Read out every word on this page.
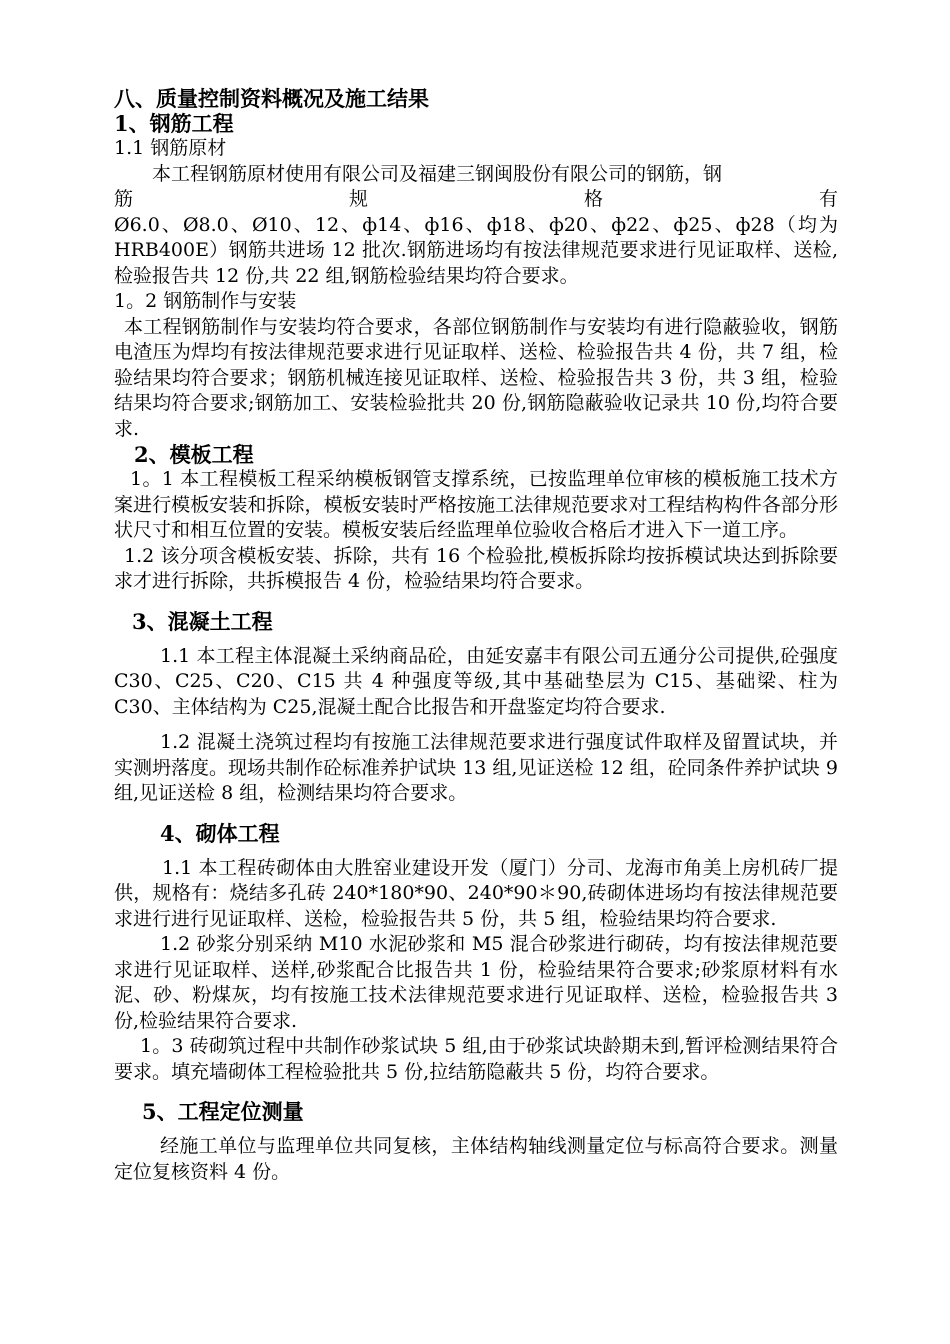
八、质量控制资料概况及施工结果

1、钢筋工程

1.1 钢筋原材

本工程钢筋原材使用有限公司及福建三钢闽股份有限公司的钢筋，钢

筋 规 格 有

Ø6.0、Ø8.0、Ø10、12、ф14、ф16、ф18、ф20、ф22、ф25、ф28（均为HRB400E）钢筋共进场 12 批次.钢筋进场均有按法律规范要求进行见证取样、送检,检验报告共 12 份,共 22 组,钢筋检验结果均符合要求。

1。2 钢筋制作与安装

本工程钢筋制作与安装均符合要求，各部位钢筋制作与安装均有进行隐蔽验收，钢筋电渣压为焊均有按法律规范要求进行见证取样、送检、检验报告共 4 份，共 7 组，检验结果均符合要求；钢筋机械连接见证取样、送检、检验报告共 3 份，共 3 组，检验结果均符合要求;钢筋加工、安装检验批共 20 份,钢筋隐蔽验收记录共 10 份,均符合要求.

2、模板工程

1。1 本工程模板工程采纳模板钢管支撑系统，已按监理单位审核的模板施工技术方案进行模板安装和拆除，模板安装时严格按施工法律规范要求对工程结构构件各部分形状尺寸和相互位置的安装。模板安装后经监理单位验收合格后才进入下一道工序。

1.2 该分项含模板安装、拆除，共有 16 个检验批,模板拆除均按拆模试块达到拆除要求才进行拆除，共拆模报告 4 份，检验结果均符合要求。

3、混凝土工程

1.1 本工程主体混凝土采纳商品砼，由延安嘉丰有限公司五通分公司提供,砼强度 C30、C25、C20、C15 共 4 种强度等级,其中基础垫层为 C15、基础梁、柱为 C30、主体结构为 C25,混凝土配合比报告和开盘鉴定均符合要求.

1.2 混凝土浇筑过程均有按施工法律规范要求进行强度试件取样及留置试块，并实测坍落度。现场共制作砼标准养护试块 13 组,见证送检 12 组，砼同条件养护试块 9 组,见证送检 8 组，检测结果均符合要求。

4、砌体工程

1.1 本工程砖砌体由大胜窑业建设开发（厦门）分司、龙海市角美上房机砖厂提供，规格有：烧结多孔砖 240*180*90、240*90＊90,砖砌体进场均有按法律规范要求进行进行见证取样、送检，检验报告共 5 份，共 5 组，检验结果均符合要求.

1.2 砂浆分别采纳 M10 水泥砂浆和 M5 混合砂浆进行砌砖，均有按法律规范要求进行见证取样、送样,砂浆配合比报告共 1 份，检验结果符合要求;砂浆原材料有水泥、砂、粉煤灰，均有按施工技术法律规范要求进行见证取样、送检，检验报告共 3 份,检验结果符合要求.

1。3 砖砌筑过程中共制作砂浆试块 5 组,由于砂浆试块龄期未到,暂评检测结果符合要求。填充墙砌体工程检验批共 5 份,拉结筋隐蔽共 5 份，均符合要求。

5、工程定位测量

经施工单位与监理单位共同复核，主体结构轴线测量定位与标高符合要求。测量定位复核资料 4 份。
